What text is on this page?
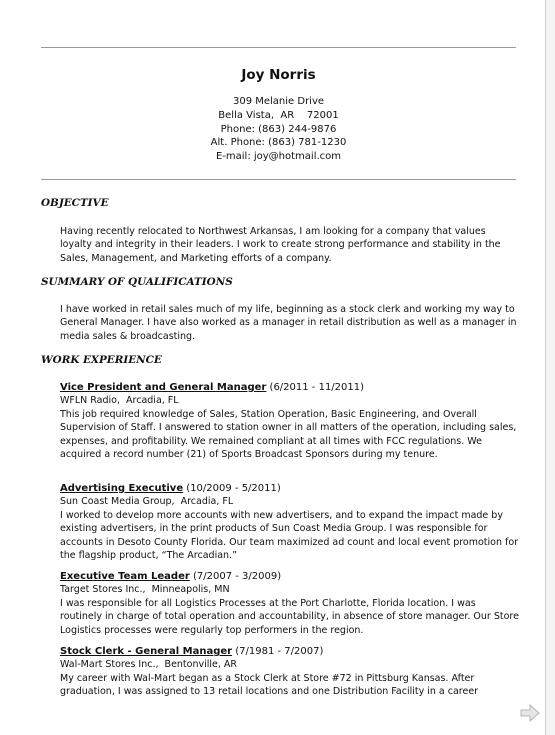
Joy Norris
309 Melanie Drive
Bella Vista,  AR    72001
Phone: (863) 244-9876
Alt. Phone: (863) 781-1230
E-mail: joy@hotmail.com
OBJECTIVE

Having recently relocated to Northwest Arkansas, I am looking for a company that values loyalty and integrity in their leaders. I work to create strong performance and stability in the Sales, Management, and Marketing efforts of a company.

SUMMARY OF QUALIFICATIONS

I have worked in retail sales much of my life, beginning as a stock clerk and working my way to General Manager. I have also worked as a manager in retail distribution as well as a manager in media sales & broadcasting.

WORK EXPERIENCE
Vice President and General Manager (6/2011 - 11/2011)
WFLN Radio,  Arcadia, FL

This job required knowledge of Sales, Station Operation, Basic Engineering, and Overall Supervision of Staff. I answered to station owner in all matters of the operation, including sales, expenses, and profitability. We remained compliant at all times with FCC regulations. We acquired a record number (21) of Sports Broadcast Sponsors during my tenure.

Advertising Executive (10/2009 - 5/2011)
Sun Coast Media Group,  Arcadia, FL

I worked to develop more accounts with new advertisers, and to expand the impact made by existing advertisers, in the print products of Sun Coast Media Group. I was responsible for accounts in Desoto County Florida. Our team maximized ad count and local event promotion for the flagship product, “The Arcadian.”

Executive Team Leader (7/2007 - 3/2009)
Target Stores Inc.,  Minneapolis, MN

I was responsible for all Logistics Processes at the Port Charlotte, Florida location. I was routinely in charge of total operation and accountability, in absence of store manager. Our Store Logistics processes were regularly top performers in the region.

Stock Clerk - General Manager (7/1981 - 7/2007)
Wal-Mart Stores Inc.,  Bentonville, AR

My career with Wal-Mart began as a Stock Clerk at Store #72 in Pittsburg Kansas. After graduation, I was assigned to 13 retail locations and one Distribution Facility in a career
